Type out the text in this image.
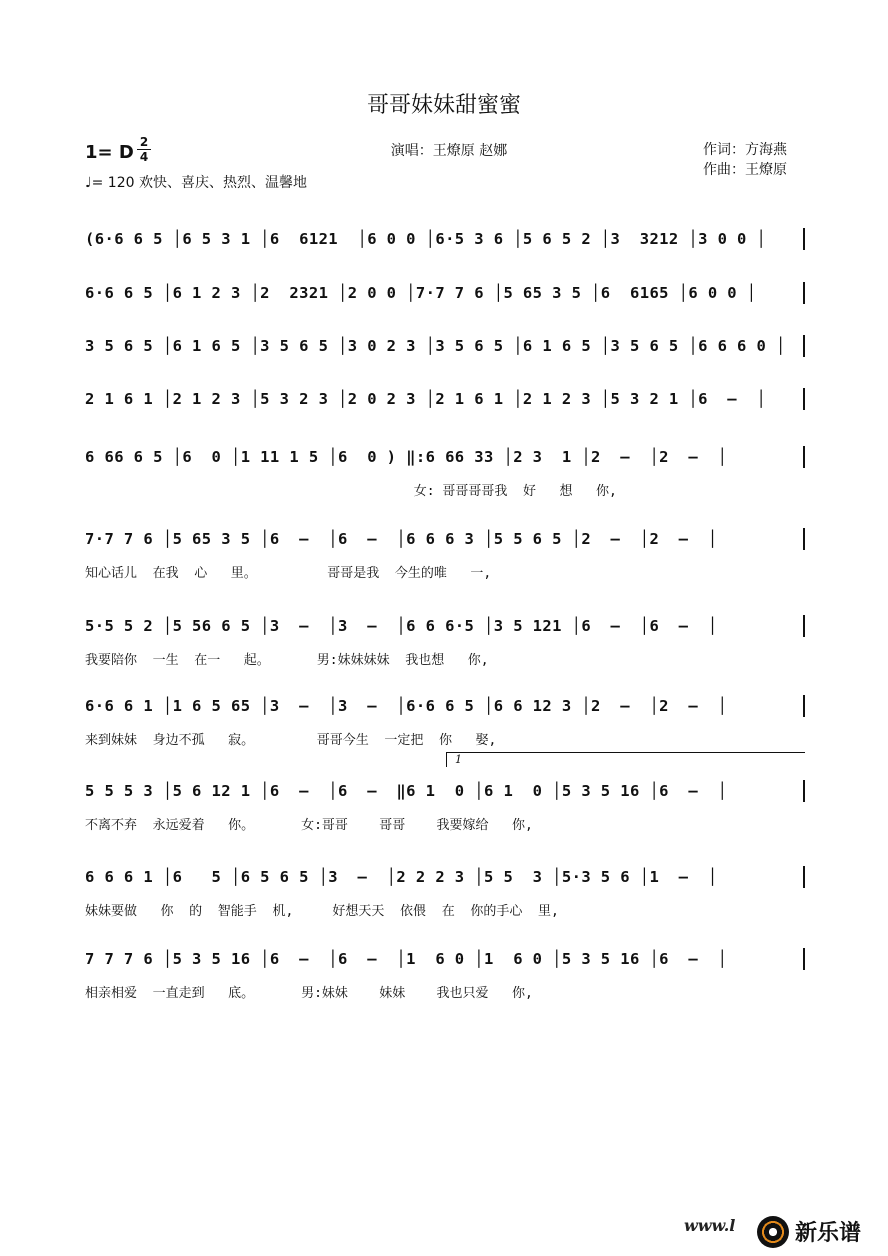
哥哥妹妹甜蜜蜜
1= D 2
4
♩= 120 欢快、喜庆、热烈、温馨地
演唱：王燎原 赵娜	作词：方海燕
作曲：王燎原
(6·6 6 5 │6 5 3 1 │6  6121  │6 0 0 │6·5 3 6 │5 6 5 2 │3  3212 │3 0 0 │
6·6 6 5 │6 1 2 3 │2  2321 │2 0 0 │7·7 7 6 │5 65 3 5 │6  6165 │6 0 0 │
3 5 6 5 │6 1 6 5 │3 5 6 5 │3 0 2 3 │3 5 6 5 │6 1 6 5 │3 5 6 5 │6 6 6 0 │
2 1 6 1 │2 1 2 3 │5 3 2 3 │2 0 2 3 │2 1 6 1 │2 1 2 3 │5 3 2 1 │6  –  │
6 66 6 5 │6  0 │1 11 1 5 │6  0 ) ‖:6 66 33 │2 3  1 │2  –  │2  –  │
女: 哥哥哥哥我  好   想   你,
7·7 7 6 │5 65 3 5 │6  –  │6  –  │6 6 6 3 │5 5 6 5 │2  –  │2  –  │
知心话儿  在我  心   里。         哥哥是我  今生的唯   一,
5·5 5 2 │5 56 6 5 │3  –  │3  –  │6 6 6·5 │3 5 121 │6  –  │6  –  │
我要陪你  一生  在一   起。      男:妹妹妹妹  我也想   你,
6·6 6 1 │1 6 5 65 │3  –  │3  –  │6·6 6 5 │6 6 12 3 │2  –  │2  –  │
来到妹妹  身边不孤   寂。        哥哥今生  一定把  你   娶,
1
5 5 5 3 │5 6 12 1 │6  –  │6  –  ‖6 1  0 │6 1  0 │5 3 5 16 │6  –  │
不离不弃  永远爱着   你。      女:哥哥    哥哥    我要嫁给   你,
6 6 6 1 │6   5 │6 5 6 5 │3  –  │2 2 2 3 │5 5  3 │5·3 5 6 │1  –  │
妹妹要做   你  的  智能手  机,     好想天天  依偎  在  你的手心  里,
7 7 7 6 │5 3 5 16 │6  –  │6  –  │1  6 0 │1  6 0 │5 3 5 16 │6  –  │
相亲相爱  一直走到   底。      男:妹妹    妹妹    我也只爱   你,
www.l	新乐谱
